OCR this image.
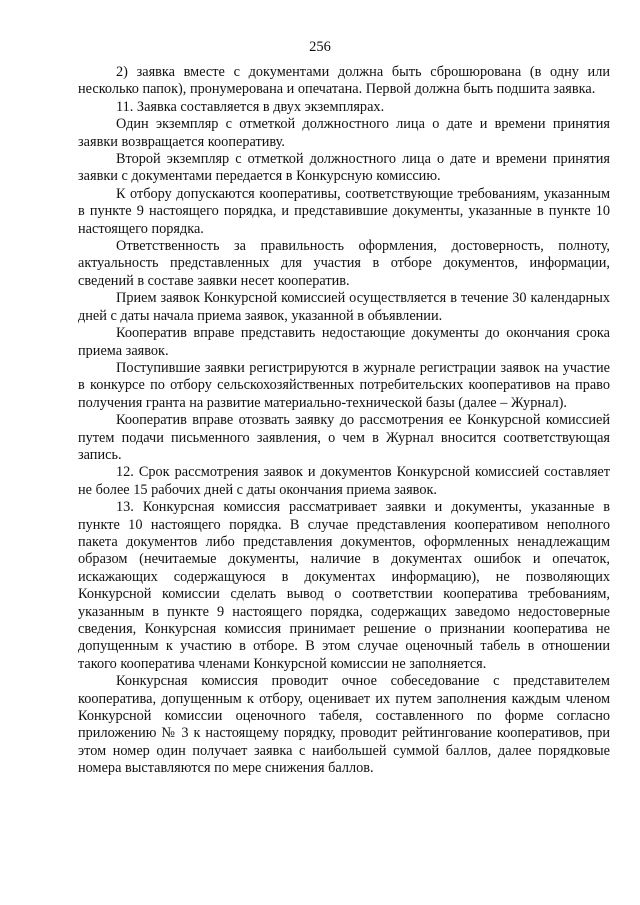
256

2) заявка вместе с документами должна быть сброшюрована (в одну или несколько папок), пронумерована и опечатана. Первой должна быть подшита заявка.

11. Заявка составляется в двух экземплярах.

Один экземпляр с отметкой должностного лица о дате и времени принятия заявки возвращается кооперативу.

Второй экземпляр с отметкой должностного лица о дате и времени принятия заявки с документами передается в Конкурсную комиссию.

К отбору допускаются кооперативы, соответствующие требованиям, указанным в пункте 9 настоящего порядка, и представившие документы, указанные в пункте 10 настоящего порядка.

Ответственность за правильность оформления, достоверность, полноту, актуальность представленных для участия в отборе документов, информации, сведений в составе заявки несет кооператив.

Прием заявок Конкурсной комиссией осуществляется в течение 30 календарных дней с даты начала приема заявок, указанной в объявлении.

Кооператив вправе представить недостающие документы до окончания срока приема заявок.

Поступившие заявки регистрируются в журнале регистрации заявок на участие в конкурсе по отбору сельскохозяйственных потребительских кооперативов на право получения гранта на развитие материально-технической базы (далее – Журнал).

Кооператив вправе отозвать заявку до рассмотрения ее Конкурсной комиссией путем подачи письменного заявления, о чем в Журнал вносится соответствующая запись.

12. Срок рассмотрения заявок и документов Конкурсной комиссией составляет не более 15 рабочих дней с даты окончания приема заявок.

13. Конкурсная комиссия рассматривает заявки и документы, указанные в пункте 10 настоящего порядка. В случае представления кооперативом неполного пакета документов либо представления документов, оформленных ненадлежащим образом (нечитаемые документы, наличие в документах ошибок и опечаток, искажающих содержащуюся в документах информацию), не позволяющих Конкурсной комиссии сделать вывод о соответствии кооператива требованиям, указанным в пункте 9 настоящего порядка, содержащих заведомо недостоверные сведения, Конкурсная комиссия принимает решение о признании кооператива не допущенным к участию в отборе. В этом случае оценочный табель в отношении такого кооператива членами Конкурсной комиссии не заполняется.

Конкурсная комиссия проводит очное собеседование с представителем кооператива, допущенным к отбору, оценивает их путем заполнения каждым членом Конкурсной комиссии оценочного табеля, составленного по форме согласно приложению № 3 к настоящему порядку, проводит рейтингование кооперативов, при этом номер один получает заявка с наибольшей суммой баллов, далее порядковые номера выставляются по мере снижения баллов.
